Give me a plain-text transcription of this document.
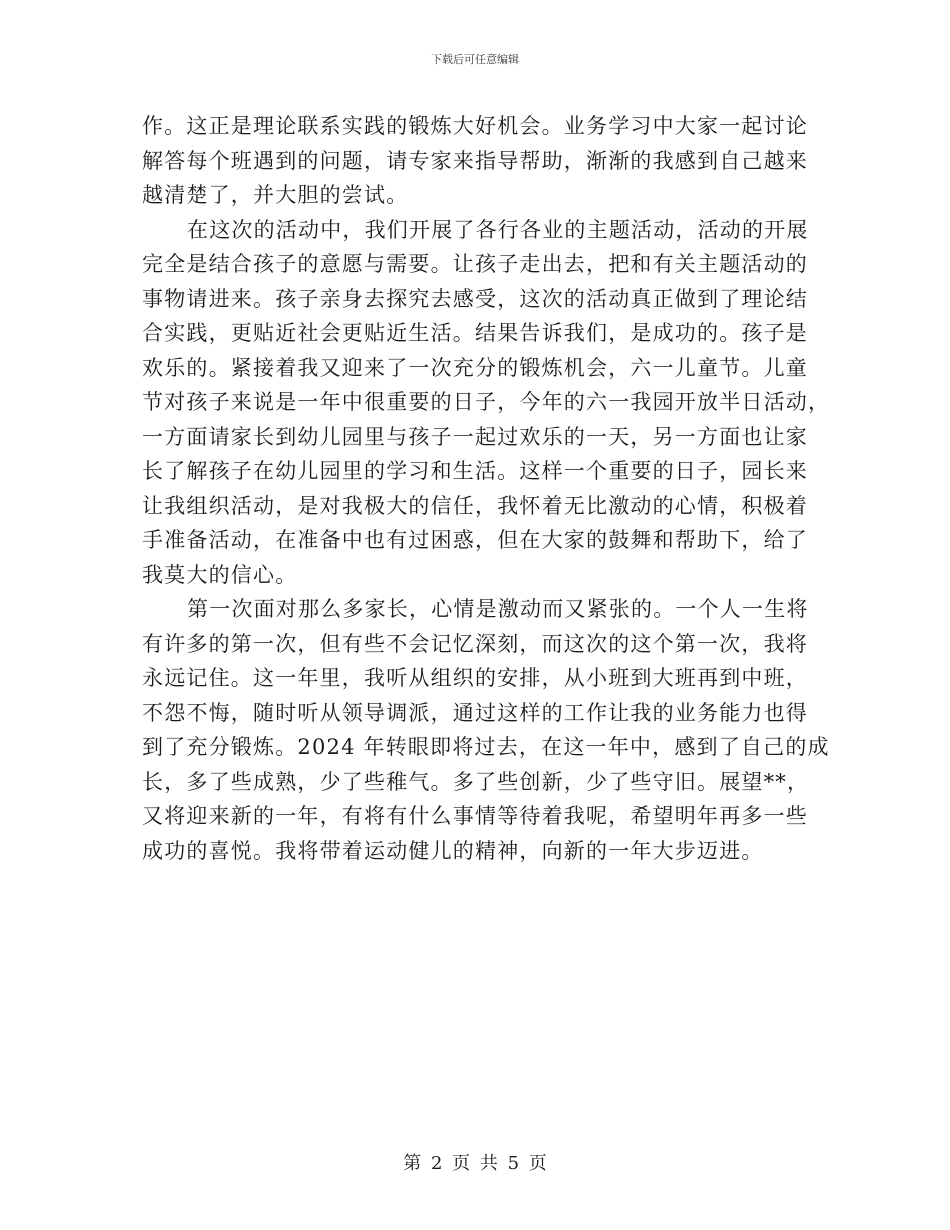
下载后可任意编辑
作。这正是理论联系实践的锻炼大好机会。业务学习中大家一起讨论
解答每个班遇到的问题，请专家来指导帮助，渐渐的我感到自己越来
越清楚了，并大胆的尝试。
在这次的活动中，我们开展了各行各业的主题活动，活动的开展
完全是结合孩子的意愿与需要。让孩子走出去，把和有关主题活动的
事物请进来。孩子亲身去探究去感受，这次的活动真正做到了理论结
合实践，更贴近社会更贴近生活。结果告诉我们，是成功的。孩子是
欢乐的。紧接着我又迎来了一次充分的锻炼机会，六一儿童节。儿童
节对孩子来说是一年中很重要的日子，今年的六一我园开放半日活动，
一方面请家长到幼儿园里与孩子一起过欢乐的一天，另一方面也让家
长了解孩子在幼儿园里的学习和生活。这样一个重要的日子，园长来
让我组织活动，是对我极大的信任，我怀着无比激动的心情，积极着
手准备活动，在准备中也有过困惑，但在大家的鼓舞和帮助下，给了
我莫大的信心。
第一次面对那么多家长，心情是激动而又紧张的。一个人一生将
有许多的第一次，但有些不会记忆深刻，而这次的这个第一次，我将
永远记住。这一年里，我听从组织的安排，从小班到大班再到中班，
不怨不悔，随时听从领导调派，通过这样的工作让我的业务能力也得
到了充分锻炼。2024 年转眼即将过去，在这一年中，感到了自己的成
长，多了些成熟，少了些稚气。多了些创新，少了些守旧。展望**，
又将迎来新的一年，有将有什么事情等待着我呢，希望明年再多一些
成功的喜悦。我将带着运动健儿的精神，向新的一年大步迈进。
第 2 页 共 5 页
